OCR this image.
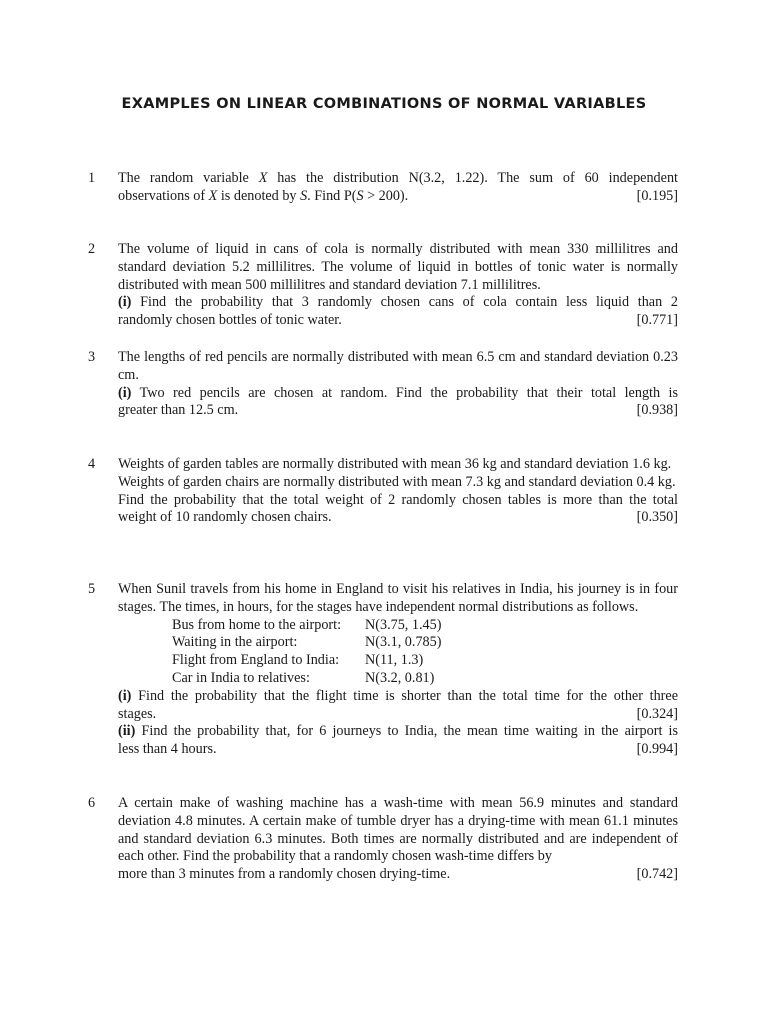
EXAMPLES ON LINEAR COMBINATIONS OF NORMAL VARIABLES
1 The random variable X has the distribution N(3.2, 1.22). The sum of 60 independent
observations of X is denoted by S. Find P(S > 200).	[0.195]
2 The volume of liquid in cans of cola is normally distributed with mean 330 millilitres and standard deviation 5.2 millilitres. The volume of liquid in bottles of tonic water is normally distributed with mean 500 millilitres and standard deviation 7.1 millilitres.
(i) Find the probability that 3 randomly chosen cans of cola contain less liquid than 2
randomly chosen bottles of tonic water.	[0.771]
3 The lengths of red pencils are normally distributed with mean 6.5 cm and standard deviation 0.23 cm.
(i) Two red pencils are chosen at random. Find the probability that their total length is
greater than 12.5 cm.	[0.938]
4 Weights of garden tables are normally distributed with mean 36 kg and standard deviation 1.6 kg.
Weights of garden chairs are normally distributed with mean 7.3 kg and standard deviation 0.4 kg.
Find the probability that the total weight of 2 randomly chosen tables is more than the total
weight of 10 randomly chosen chairs.	[0.350]
5 When Sunil travels from his home in England to visit his relatives in India, his journey is in four stages. The times, in hours, for the stages have independent normal distributions as follows.
Bus from home to the airport:	N(3.75, 1.45)
Waiting in the airport:	N(3.1, 0.785)
Flight from England to India:	N(11, 1.3)
Car in India to relatives:	N(3.2, 0.81)
(i) Find the probability that the flight time is shorter than the total time for the other three
stages.	[0.324]
(ii) Find the probability that, for 6 journeys to India, the mean time waiting in the airport is
less than 4 hours.	[0.994]
6 A certain make of washing machine has a wash-time with mean 56.9 minutes and standard deviation 4.8 minutes. A certain make of tumble dryer has a drying-time with mean 61.1 minutes and standard deviation 6.3 minutes. Both times are normally distributed and are independent of each other. Find the probability that a randomly chosen wash-time differs by
more than 3 minutes from a randomly chosen drying-time.	[0.742]
